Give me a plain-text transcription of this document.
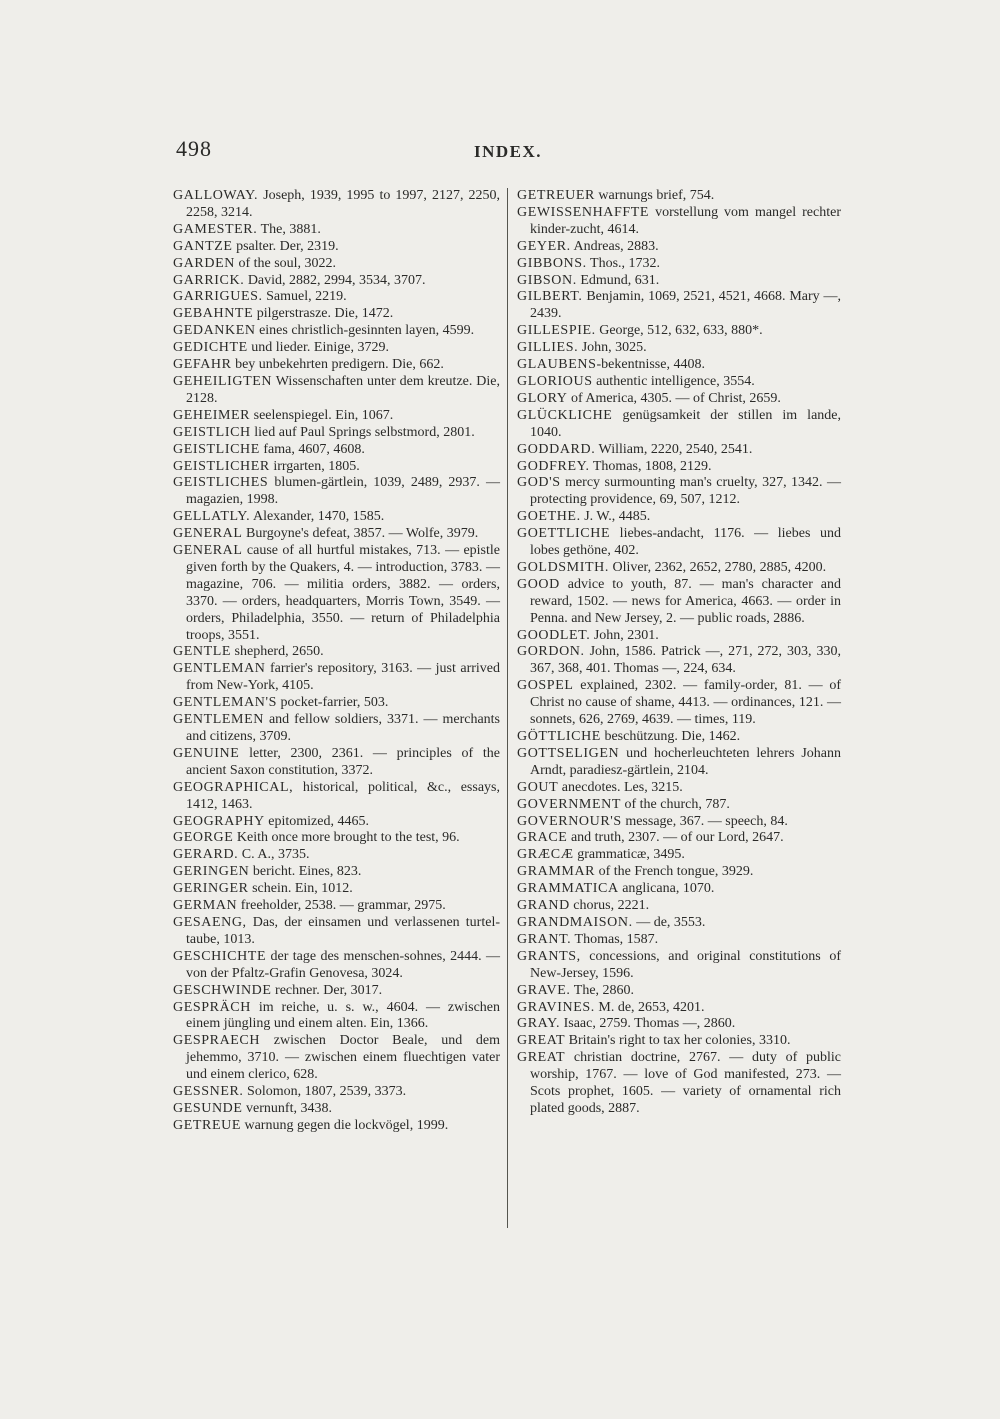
498	INDEX.
GALLOWAY. Joseph, 1939, 1995 to 1997, 2127, 2250, 2258, 3214.
GAMESTER. The, 3881.
GANTZE psalter. Der, 2319.
GARDEN of the soul, 3022.
GARRICK. David, 2882, 2994, 3534, 3707.
GARRIGUES. Samuel, 2219.
GEBAHNTE pilgerstrasze. Die, 1472.
GEDANKEN eines christlich-gesinnten layen, 4599.
GEDICHTE und lieder. Einige, 3729.
GEFAHR bey unbekehrten predigern. Die, 662.
GEHEILIGTEN Wissenschaften unter dem kreutze. Die, 2128.
GEHEIMER seelenspiegel. Ein, 1067.
GEISTLICH lied auf Paul Springs selbstmord, 2801.
GEISTLICHE fama, 4607, 4608.
GEISTLICHER irrgarten, 1805.
GEISTLICHES blumen-gärtlein, 1039, 2489, 2937. — magazien, 1998.
GELLATLY. Alexander, 1470, 1585.
GENERAL Burgoyne's defeat, 3857. — Wolfe, 3979.
GENERAL cause of all hurtful mistakes, 713. — epistle given forth by the Quakers, 4. — introduction, 3783. — magazine, 706. — militia orders, 3882. — orders, 3370. — orders, headquarters, Morris Town, 3549. — orders, Philadelphia, 3550. — return of Philadelphia troops, 3551.
GENTLE shepherd, 2650.
GENTLEMAN farrier's repository, 3163. — just arrived from New-York, 4105.
GENTLEMAN'S pocket-farrier, 503.
GENTLEMEN and fellow soldiers, 3371. — merchants and citizens, 3709.
GENUINE letter, 2300, 2361. — principles of the ancient Saxon constitution, 3372.
GEOGRAPHICAL, historical, political, &c., essays, 1412, 1463.
GEOGRAPHY epitomized, 4465.
GEORGE Keith once more brought to the test, 96.
GERARD. C. A., 3735.
GERINGEN bericht. Eines, 823.
GERINGER schein. Ein, 1012.
GERMAN freeholder, 2538. — grammar, 2975.
GESAENG, Das, der einsamen und verlassenen turtel-taube, 1013.
GESCHICHTE der tage des menschen-sohnes, 2444. — von der Pfaltz-Grafin Genovesa, 3024.
GESCHWINDE rechner. Der, 3017.
GESPRÄCH im reiche, u. s. w., 4604. — zwischen einem jüngling und einem alten. Ein, 1366.
GESPRAECH zwischen Doctor Beale, und dem jehemmo, 3710. — zwischen einem fluechtigen vater und einem clerico, 628.
GESSNER. Solomon, 1807, 2539, 3373.
GESUNDE vernunft, 3438.
GETREUE warnung gegen die lockvögel, 1999.
GETREUER warnungs brief, 754.
GEWISSENHAFFTE vorstellung vom mangel rechter kinder-zucht, 4614.
GEYER. Andreas, 2883.
GIBBONS. Thos., 1732.
GIBSON. Edmund, 631.
GILBERT. Benjamin, 1069, 2521, 4521, 4668. Mary —, 2439.
GILLESPIE. George, 512, 632, 633, 880*.
GILLIES. John, 3025.
GLAUBENS-bekentnisse, 4408.
GLORIOUS authentic intelligence, 3554.
GLORY of America, 4305. — of Christ, 2659.
GLÜCKLICHE genügsamkeit der stillen im lande, 1040.
GODDARD. William, 2220, 2540, 2541.
GODFREY. Thomas, 1808, 2129.
GOD'S mercy surmounting man's cruelty, 327, 1342. — protecting providence, 69, 507, 1212.
GOETHE. J. W., 4485.
GOETTLICHE liebes-andacht, 1176. — liebes und lobes gethöne, 402.
GOLDSMITH. Oliver, 2362, 2652, 2780, 2885, 4200.
GOOD advice to youth, 87. — man's character and reward, 1502. — news for America, 4663. — order in Penna. and New Jersey, 2. — public roads, 2886.
GOODLET. John, 2301.
GORDON. John, 1586. Patrick —, 271, 272, 303, 330, 367, 368, 401. Thomas —, 224, 634.
GOSPEL explained, 2302. — family-order, 81. — of Christ no cause of shame, 4413. — ordinances, 121. — sonnets, 626, 2769, 4639. — times, 119.
GÖTTLICHE beschützung. Die, 1462.
GOTTSELIGEN und hocherleuchteten lehrers Johann Arndt, paradiesz-gärtlein, 2104.
GOUT anecdotes. Les, 3215.
GOVERNMENT of the church, 787.
GOVERNOUR'S message, 367. — speech, 84.
GRACE and truth, 2307. — of our Lord, 2647.
GRÆCÆ grammaticæ, 3495.
GRAMMAR of the French tongue, 3929.
GRAMMATICA anglicana, 1070.
GRAND chorus, 2221.
GRANDMAISON. — de, 3553.
GRANT. Thomas, 1587.
GRANTS, concessions, and original constitutions of New-Jersey, 1596.
GRAVE. The, 2860.
GRAVINES. M. de, 2653, 4201.
GRAY. Isaac, 2759. Thomas —, 2860.
GREAT Britain's right to tax her colonies, 3310.
GREAT christian doctrine, 2767. — duty of public worship, 1767. — love of God manifested, 273. — Scots prophet, 1605. — variety of ornamental rich plated goods, 2887.
